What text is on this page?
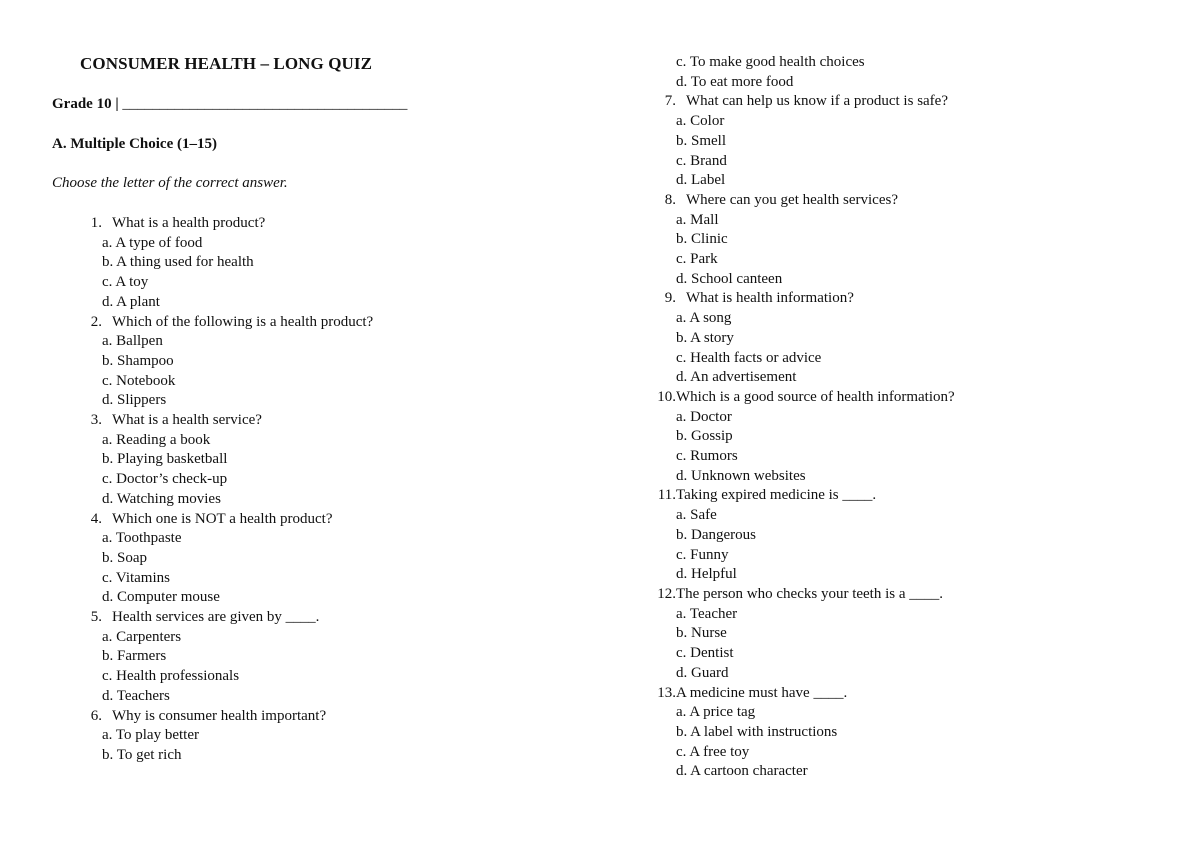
CONSUMER HEALTH – LONG QUIZ
Grade 10 | ______________________________________
A. Multiple Choice (1–15)
Choose the letter of the correct answer.
1. What is a health product?
a. A type of food
b. A thing used for health
c. A toy
d. A plant
2. Which of the following is a health product?
a. Ballpen
b. Shampoo
c. Notebook
d. Slippers
3. What is a health service?
a. Reading a book
b. Playing basketball
c. Doctor’s check-up
d. Watching movies
4. Which one is NOT a health product?
a. Toothpaste
b. Soap
c. Vitamins
d. Computer mouse
5. Health services are given by ____.
a. Carpenters
b. Farmers
c. Health professionals
d. Teachers
6. Why is consumer health important?
a. To play better
b. To get rich
c. To make good health choices
d. To eat more food
7. What can help us know if a product is safe?
a. Color
b. Smell
c. Brand
d. Label
8. Where can you get health services?
a. Mall
b. Clinic
c. Park
d. School canteen
9. What is health information?
a. A song
b. A story
c. Health facts or advice
d. An advertisement
10.Which is a good source of health information?
a. Doctor
b. Gossip
c. Rumors
d. Unknown websites
11.Taking expired medicine is ____.
a. Safe
b. Dangerous
c. Funny
d. Helpful
12.The person who checks your teeth is a ____.
a. Teacher
b. Nurse
c. Dentist
d. Guard
13.A medicine must have ____.
a. A price tag
b. A label with instructions
c. A free toy
d. A cartoon character
